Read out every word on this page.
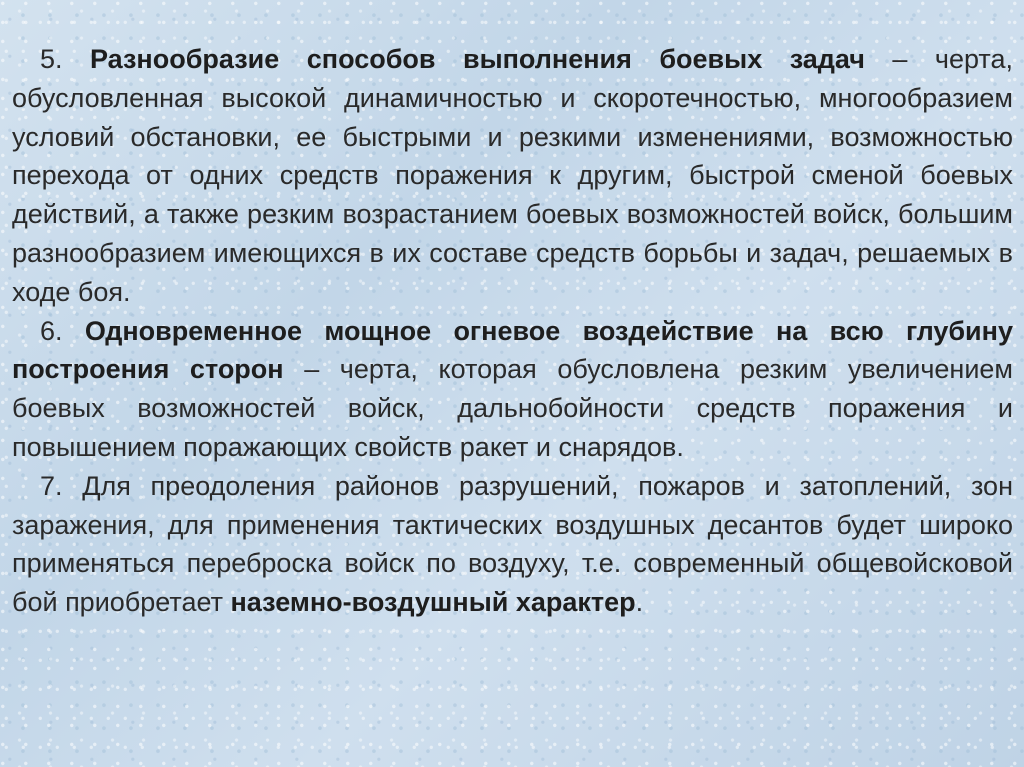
5. Разнообразие способов выполнения боевых задач – черта, обусловленная высокой динамичностью и скоротечностью, многообразием условий обстановки, ее быстрыми и резкими изменениями, возможностью перехода от одних средств поражения к другим, быстрой сменой боевых действий, а также резким возрастанием боевых возможностей войск, большим разнообразием имеющихся в их составе средств борьбы и задач, решаемых в ходе боя.

6. Одновременное мощное огневое воздействие на всю глубину построения сторон – черта, которая обусловлена резким увеличением боевых возможностей войск, дальнобойности средств поражения и повышением поражающих свойств ракет и снарядов.

7. Для преодоления районов разрушений, пожаров и затоплений, зон заражения, для применения тактических воздушных десантов будет широко применяться переброска войск по воздуху, т.е. современный общевойсковой бой приобретает наземно-воздушный характер.
